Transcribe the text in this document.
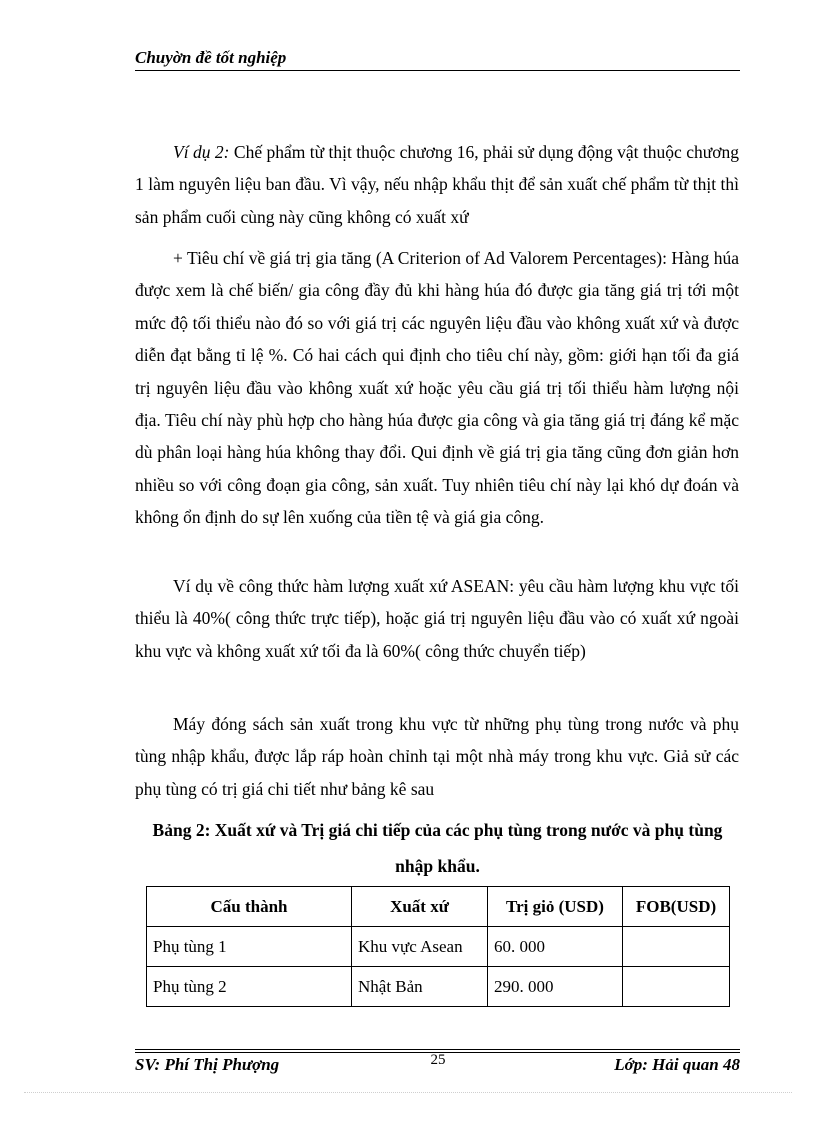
Chuyờn đề tốt nghiệp
Ví dụ 2: Chế phẩm từ thịt thuộc chương 16, phải sử dụng động vật thuộc chương 1 làm nguyên liệu ban đầu. Vì vậy, nếu nhập khẩu thịt để sản xuất chế phẩm từ thịt thì sản phẩm cuối cùng này cũng không có xuất xứ
+ Tiêu chí về giá trị gia tăng (A Criterion of Ad Valorem Percentages): Hàng húa được xem là chế biến/ gia công đầy đủ khi hàng húa đó được gia tăng giá trị tới một mức độ tối thiểu nào đó so với giá trị các nguyên liệu đầu vào không xuất xứ và được diễn đạt bằng tỉ lệ %. Có hai cách qui định cho tiêu chí này, gồm: giới hạn tối đa giá trị nguyên liệu đầu vào không xuất xứ hoặc yêu cầu giá trị tối thiểu hàm lượng nội địa. Tiêu chí này phù hợp cho hàng húa được gia công và gia tăng giá trị đáng kể mặc dù phân loại hàng húa không thay đổi. Qui định về giá trị gia tăng cũng đơn giản hơn nhiều so với công đoạn gia công, sản xuất. Tuy nhiên tiêu chí này lại khó dự đoán và không ổn định do sự lên xuống của tiền tệ và giá gia công.
Ví dụ về công thức hàm lượng xuất xứ ASEAN: yêu cầu hàm lượng khu vực tối thiểu là 40%( công thức trực tiếp), hoặc giá trị nguyên liệu đầu vào có xuất xứ ngoài khu vực và không xuất xứ tối đa là 60%( công thức chuyển tiếp)
Máy đóng sách sản xuất trong khu vực từ những phụ tùng trong nước và phụ tùng nhập khẩu, được lắp ráp hoàn chỉnh tại một nhà máy trong khu vực. Giả sử các phụ tùng có trị giá chi tiết như bảng kê sau
Bảng 2: Xuất xứ và Trị giá chi tiếp của các phụ tùng trong nước và phụ tùng nhập khẩu.
Cấu thành	Xuất xứ	Trị giỏ (USD)	FOB(USD)
Phụ tùng 1	Khu vực Asean	60. 000	
Phụ tùng 2	Nhật Bản	290. 000	
SV: Phí Thị Phượng	25	Lớp: Hải quan 48
